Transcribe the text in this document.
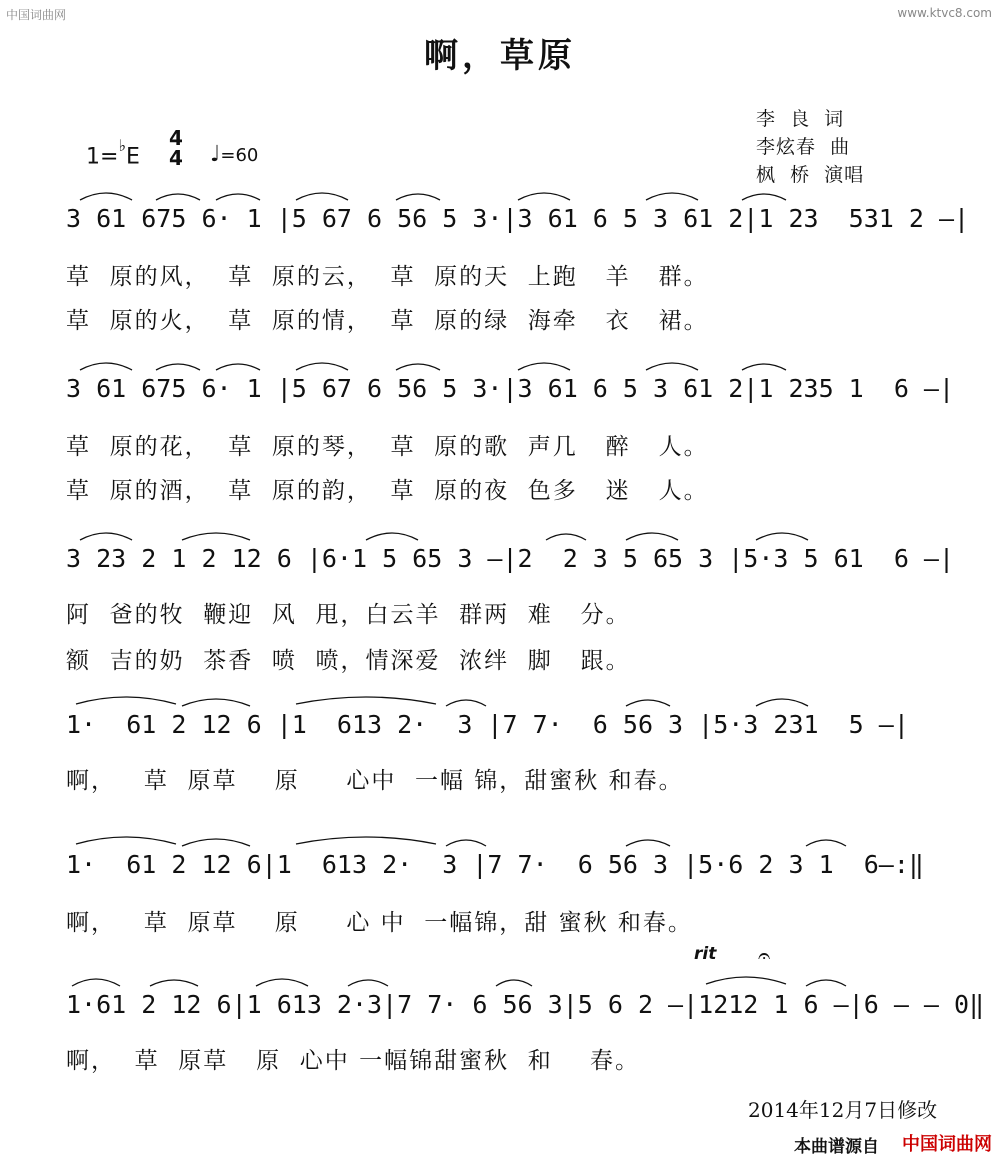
中国词曲网	www.ktvc8.com
啊，草原
李  良  词
李炫春  曲
枫  桥  演唱
1=♭E
4
4 ♩=60
3 61 675 6· 1 |5 67 6 56 5 3·|3 61 6 5 3 61 2|1 23  531 2 –|
草  原的风，  草  原的云，  草  原的天  上跑   羊   群。
草  原的火，  草  原的情，  草  原的绿  海牵   衣   裙。
3 61 675 6· 1 |5 67 6 56 5 3·|3 61 6 5 3 61 2|1 235 1  6 –|
草  原的花，  草  原的琴，  草  原的歌  声几   醉   人。
草  原的酒，  草  原的韵，  草  原的夜  色多   迷   人。
3 23 2 1 2 12 6 |6·1 5 65 3 –|2  2 3 5 65 3 |5·3 5 61  6 –|
阿  爸的牧  鞭迎  风  甩，白云羊  群两  难   分。
额  吉的奶  茶香  喷  喷，情深爱  浓绊  脚   跟。
1·  61 2 12 6 |1  613 2·  3 |7 7·  6 56 3 |5·3 231  5 –|
啊，   草  原草    原     心中  一幅 锦，甜蜜秋 和春。
1·  61 2 12 6|1  613 2·  3 |7 7·  6 56 3 |5·6 2 3 1  6–:‖
啊，   草  原草    原     心 中  一幅锦，甜 蜜秋 和春。
rit 𝄐
1·61 2 12 6|1 613 2·3|7 7· 6 56 3|5 6 2 –|1212 1 6 –|6 – – 0‖
啊，  草  原草   原  心中 一幅锦甜蜜秋  和    春。
2014年12月7日修改
本曲谱源自 中国词曲网
